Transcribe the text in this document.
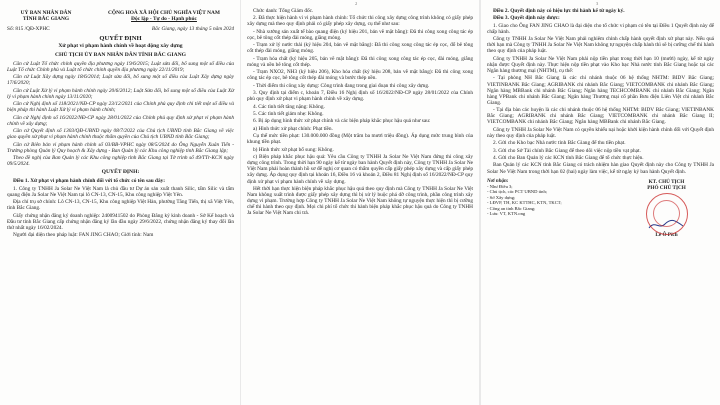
UỶ BAN NHÂN DÂN
TỈNH BẮC GIANG
CỘNG HOÀ XÃ HỘI CHỦ NGHĨA VIỆT NAM
Độc lập - Tự do - Hạnh phúc
Số: 815 /QĐ-XPHC	Bắc Giang, ngày 13 tháng 5 năm 2024
QUYẾT ĐỊNH
Xử phạt vi phạm hành chính về hoạt động xây dựng
CHỦ TỊCH ỦY BAN NHÂN DÂN TỈNH BẮC GIANG

Căn cứ Luật Tổ chức chính quyền địa phương ngày 19/6/2015; Luật sửa đổi, bổ sung một số điều của Luật Tổ chức Chính phủ và Luật tổ chức chính quyền địa phương ngày 22/11/2019;

Căn cứ Luật Xây dựng ngày 18/6/2014; Luật sửa đổi, bổ sung một số điều của Luật Xây dựng ngày 17/6/2020;

Căn cứ Luật Xử lý vi phạm hành chính ngày 20/6/2012; Luật Sửa đổi, bổ sung một số điều của Luật Xử lý vi phạm hành chính ngày 13/11/2020;

Căn cứ Nghị định số 118/2021/NĐ-CP ngày 23/12/2021 của Chính phủ quy định chi tiết một số điều và biện pháp thi hành Luật Xử lý vi phạm hành chính;

Căn cứ Nghị định số 16/2022/NĐ-CP ngày 28/01/2022 của Chính phủ quy định xử phạt vi phạm hành chính về xây dựng;

Căn cứ Quyết định số 1303/QĐ-UBND ngày 08/7/2022 của Chủ tịch UBND tỉnh Bắc Giang về việc giao quyền xử phạt vi phạm hành chính thuộc thẩm quyền của Chủ tịch UBND tỉnh Bắc Giang;

Căn cứ Biên bản vi phạm hành chính số 03/BB-VPHC ngày 08/5/2024 do Ông Nguyễn Xuân Tiến - Trưởng phòng Quản lý Quy hoạch & Xây dựng - Ban Quản lý các Khu công nghiệp tỉnh Bắc Giang lập;

Theo đề nghị của Ban Quản lý các Khu công nghiệp tỉnh Bắc Giang tại Tờ trình số 49/TTr-KCN ngày 09/5/2024.

QUYẾT ĐỊNH:

Điều 1. Xử phạt vi phạm hành chính đối với tổ chức có tên sau đây:

1. Công ty TNHH Ja Solar Ne Việt Nam là chủ đầu tư Dự án sản xuất thanh Silic, tấm Silic và tấm quang điện Ja Solar Ne Việt Nam tại lô CN-13, CN-15, Khu công nghiệp Việt Yên.

Địa chỉ trụ sở chính: Lô CN-13, CN-15, Khu công nghiệp Việt Hàn, phường Tăng Tiến, thị xã Việt Yên, tỉnh Bắc Giang.

Giấy chứng nhận đăng ký doanh nghiệp: 2400941502 do Phòng Đăng ký kinh doanh - Sở Kế hoạch và Đầu tư tỉnh Bắc Giang cấp chứng nhận đăng ký lần đầu ngày 29/6/2022, chứng nhận đăng ký thay đổi lần thứ nhất ngày 16/02/2024.

Người đại diện theo pháp luật: FAN JING CHAO; Giới tính: Nam

2

Chức danh: Tổng Giám đốc.

2. Đã thực hiện hành vi vi phạm hành chính: Tổ chức thi công xây dựng công trình không có giấy phép xây dựng mà theo quy định phải có giấy phép xây dựng, cụ thể như sau:

- Nhà xưởng sản xuất tế bào quang điện (ký hiệu 201, bản vẽ mặt bằng): Đã thi công xong công tác ép cọc, bê tông cốt thép đài móng, giằng móng.

- Trạm xử lý nước thải (ký hiệu 204, bản vẽ mặt bằng): Đã thi công xong công tác ép cọc, đổ bê tông cốt thép đài móng, giằng móng.

- Trạm hóa chất (ký hiệu 205, bản vẽ mặt bằng): Đã thi công xong công tác ép cọc, đài móng, giằng móng và nền bê tông cốt thép.

- Trạm NXO2, NH3 (ký hiệu 206), Kho hóa chất (ký hiệu 208, bản vẽ mặt bằng): Đã thi công xong công tác ép cọc, bê tông cốt thép đài móng và bước thép nền.

- Thời điểm thi công xây dựng: Công trình đang trong giai đoạn thi công xây dựng.

3. Quy định tại điểm c, khoản 7, Điều 16 Nghị định số 16/2022/NĐ-CP ngày 28/01/2022 của Chính phủ quy định xử phạt vi phạm hành chính về xây dựng.

4. Các tình tiết tăng nặng: Không.

5. Các tình tiết giảm nhẹ: Không.

6. Bị áp dụng hình thức xử phạt chính và các biện pháp khắc phục hậu quả như sau:

a) Hình thức xử phạt chính: Phạt tiền.

Cụ thể mức tiền phạt: 130.000.000 đồng (Một trăm ba mươi triệu đồng). Áp dụng mức trung bình của khung tiền phạt.

b) Hình thức xử phạt bổ sung: Không.

c) Biện pháp khắc phục hậu quả: Yêu cầu Công ty TNHH Ja Solar Ne Việt Nam đứng thi công xây dựng công trình. Trong thời hạn 90 ngày kể từ ngày ban hành Quyết định này, Công ty TNHH Ja Solar Ne Việt Nam phải hoàn thành hồ sơ để nghị cơ quan có thẩm quyền cấp giấy phép xây dựng và cấp giấy phép xây dựng. Áp dụng quy định tại khoản 16, Điều 16 và khoản 2, Điều 81 Nghị định số 16/2022/NĐ-CP quy định xử phạt vi phạm hành chính về xây dựng.

Hết thời hạn thực hiện biện pháp khắc phục hậu quả theo quy định mà Công ty TNHH Ja Solar Ne Việt Nam không xuất trình được giấy phép xây dựng thì bị xử lý buộc phá dỡ công trình, phần công trình xây dựng vi phạm. Trường hợp Công ty TNHH Ja Solar Ne Việt Nam không tự nguyện thực hiện thì bị cưỡng chế thi hành theo quy định. Mọi chi phí tổ chức thi hành biện pháp khắc phục hậu quả do Công ty TNHH Ja Solar Ne Việt Nam chi trả.

3

Điều 2. Quyết định này có hiệu lực thi hành kể từ ngày ký.

Điều 3. Quyết định này được:

1. Giao cho Ông FAN JING CHAO là đại diện cho tổ chức vi phạm có tên tại Điều 1 Quyết định này để chấp hành.

Công ty TNHH Ja Solar Ne Việt Nam phải nghiêm chỉnh chấp hành quyết định xử phạt này. Nếu quá thời hạn mà Công ty TNHH Ja Solar Ne Việt Nam không tự nguyện chấp hành thì sẽ bị cưỡng chế thi hành theo quy định của pháp luật.

Công ty TNHH Ja Solar Ne Việt Nam phải nộp tiền phạt trong thời hạn 10 (mười) ngày, kể từ ngày nhận được Quyết định này. Thực hiện nộp tiền phạt vào Kho bạc Nhà nước tỉnh Bắc Giang hoặc tại các Ngân hàng thương mại (NHTM), cụ thể:

- Tại phòng NH Bắc Giang là các chi nhánh thuộc 06 hệ thống NHTM: BIDV Bắc Giang; VIETINBANK Bắc Giang; AGRIBANK chi nhánh Bắc Giang; VIETCOMBANK chi nhánh Bắc Giang; Ngân hàng MBBank chi nhánh Bắc Giang; Ngân hàng TECHCOMBANK chi nhánh Bắc Giang; Ngân hàng VPBank chi nhánh Bắc Giang; Ngân hàng Thương mại cổ phần Bưu điện Liên Việt chi nhánh Bắc Giang.

- Tại địa bàn các huyện là các chi nhánh thuộc 06 hệ thống NHTM: BIDV Bắc Giang; VIETINBANK Bắc Giang; AGRIBANK chi nhánh Bắc Giang; VIETCOMBANK chi nhánh Bắc Giang II; VIETCOMBANK chi nhánh Bắc Giang; Ngân hàng MBBank chi nhánh Bắc Giang.

Công ty TNHH Ja Solar Ne Việt Nam có quyền khiếu nại hoặc khởi kiện hành chính đối với Quyết định này theo quy định của pháp luật.

2. Gửi cho Kho bạc Nhà nước tỉnh Bắc Giang để thu tiền phạt.

3. Gửi cho Sở Tài chính Bắc Giang để theo dõi việc nộp tiền vạt phạt.

4. Gửi cho Ban Quản lý các KCN tỉnh Bắc Giang để tổ chức thực hiện.

Ban Quản lý các KCN tỉnh Bắc Giang có trách nhiệm hàn giao Quyết định này cho Công ty TNHH Ja Solar Ne Việt Nam trong thời hạn 02 (hai) ngày làm việc, kể từ ngày ký ban hành Quyết định.

Nơi nhận:
- Như Điều 3;
- Chủ tịch, các PCT UBND tỉnh;
- Sở Xây dựng;
- LĐVP, TH, KC KTTHC, KTN, TKCT;
- Công an tỉnh Bắc Giang;
- Lưu: VT, KTN.ong
KT. CHỦ TỊCH
PHÓ CHỦ TỊCH
Lê Ô Pích
